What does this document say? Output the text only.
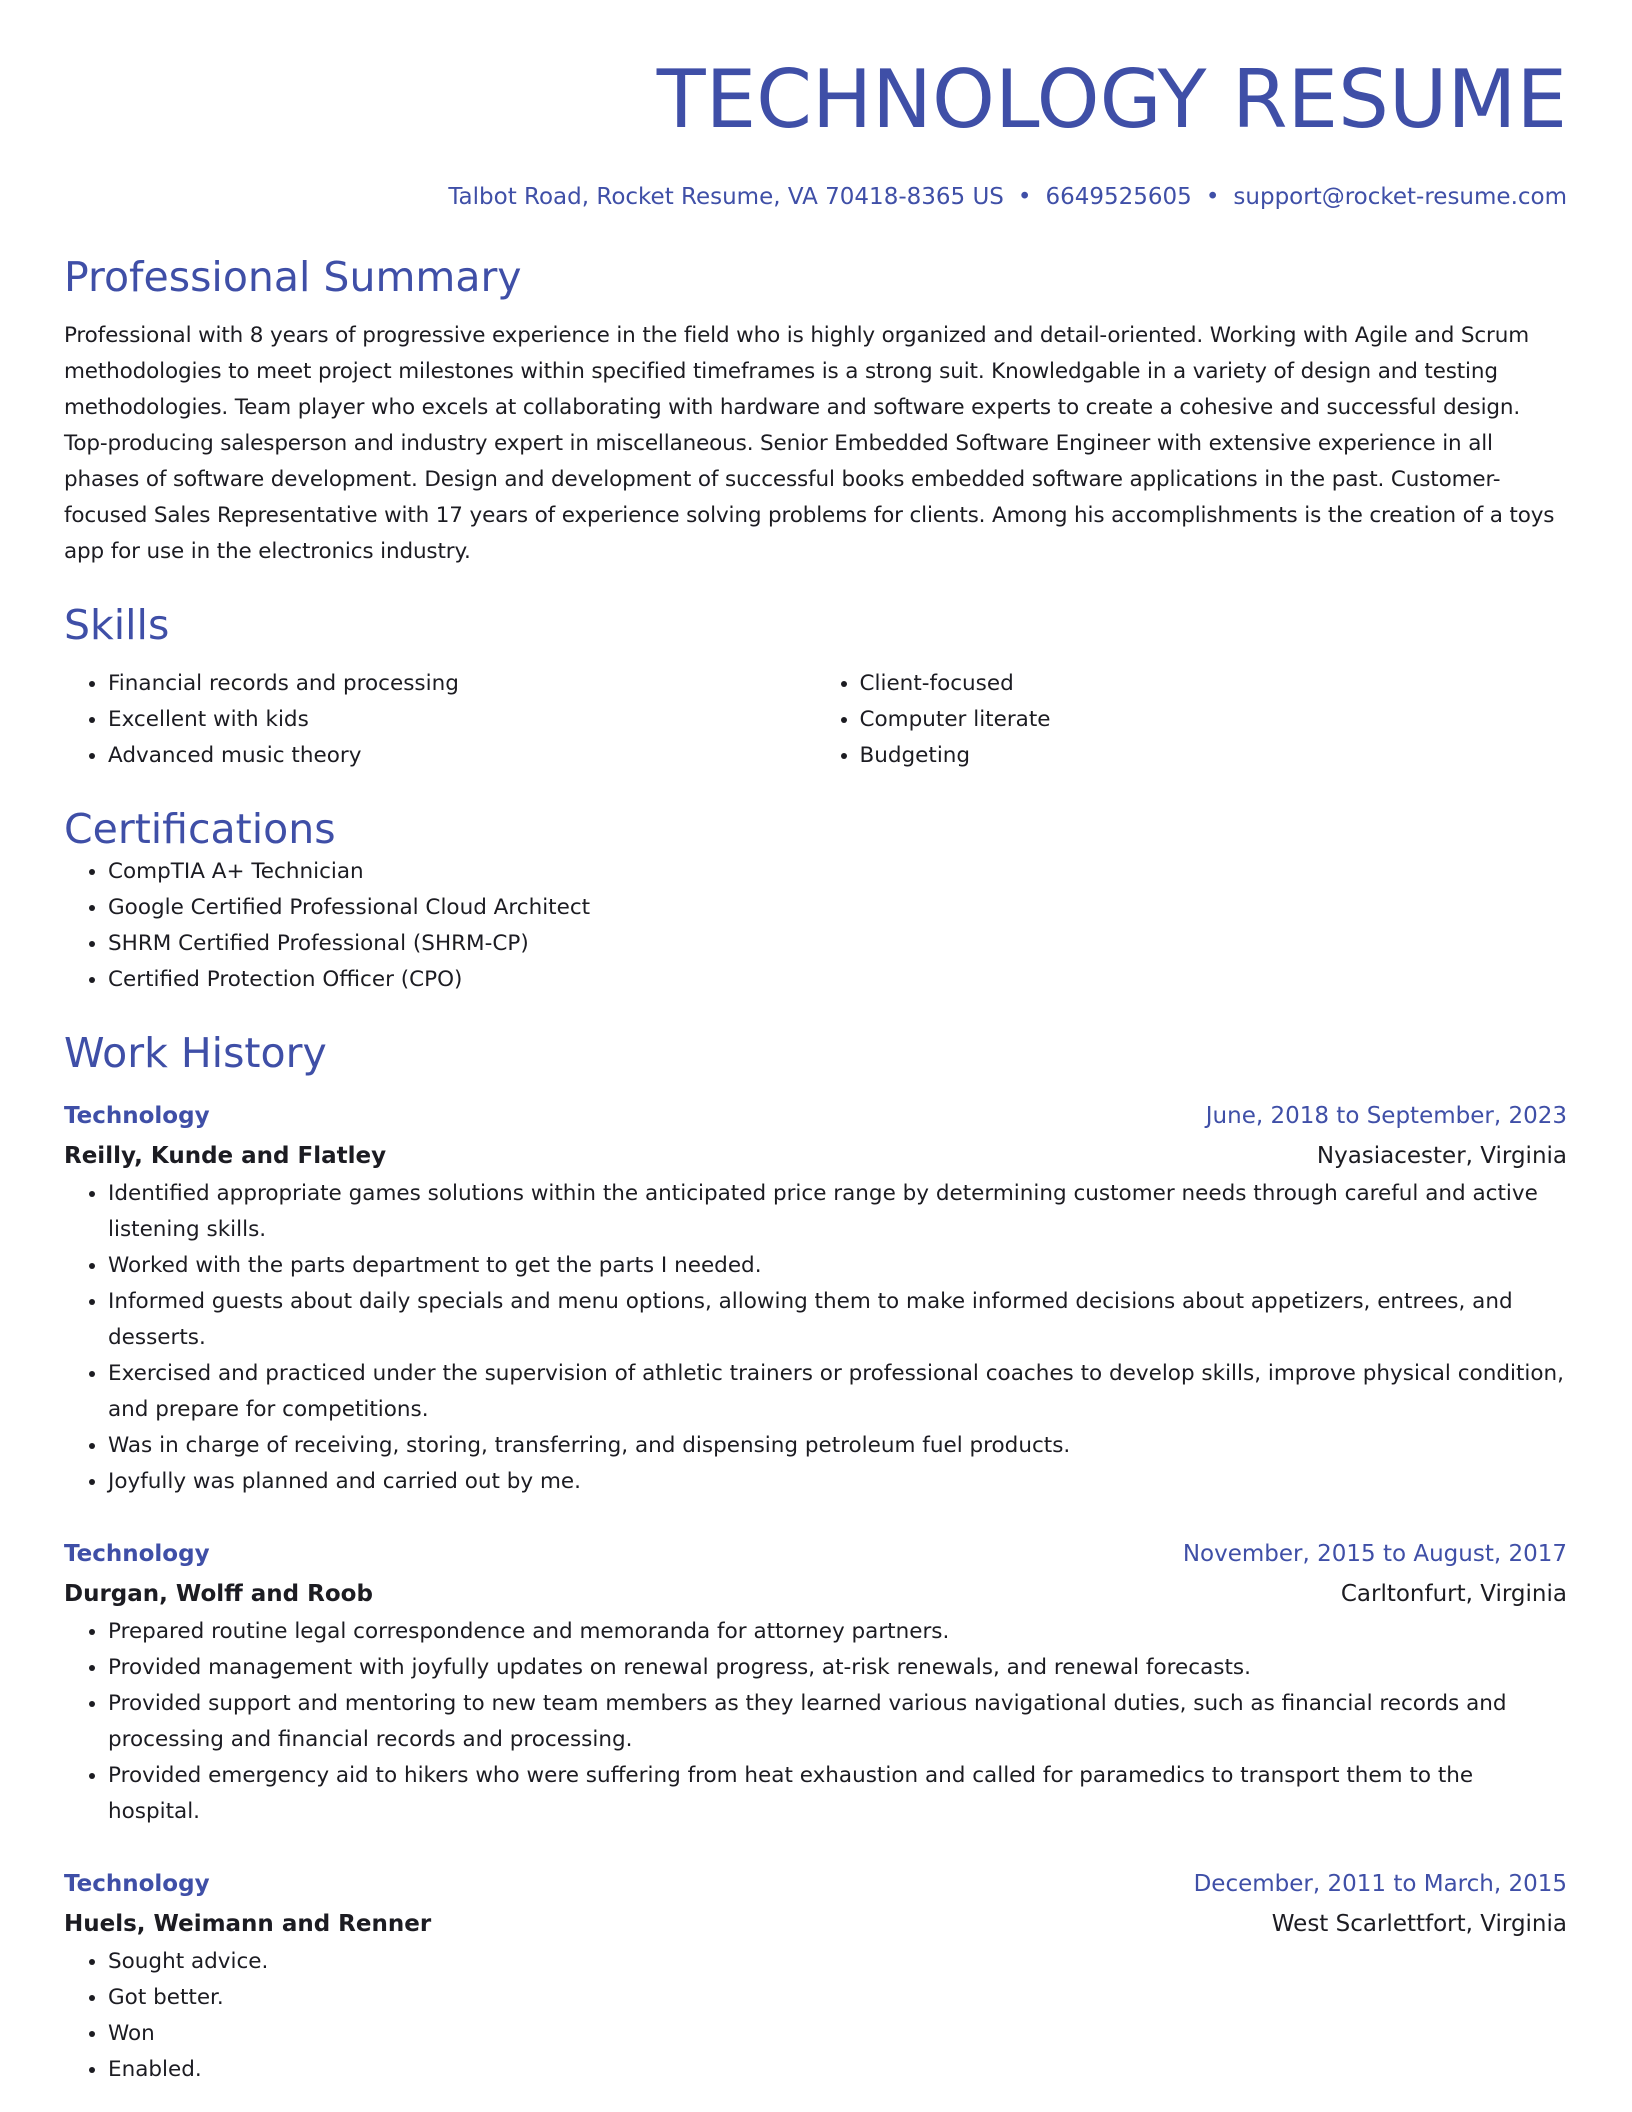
TECHNOLOGY RESUME
Talbot Road, Rocket Resume, VA 70418-8365 US • 6649525605 • support@rocket-resume.com
Professional Summary
Professional with 8 years of progressive experience in the field who is highly organized and detail-oriented. Working with Agile and Scrum methodologies to meet project milestones within specified timeframes is a strong suit. Knowledgable in a variety of design and testing methodologies. Team player who excels at collaborating with hardware and software experts to create a cohesive and successful design. Top-producing salesperson and industry expert in miscellaneous. Senior Embedded Software Engineer with extensive experience in all phases of software development. Design and development of successful books embedded software applications in the past. Customer-focused Sales Representative with 17 years of experience solving problems for clients. Among his accomplishments is the creation of a toys app for use in the electronics industry.
Skills
• Financial records and processing
• Excellent with kids
• Advanced music theory
• Client-focused
• Computer literate
• Budgeting
Certifications
• CompTIA A+ Technician
• Google Certified Professional Cloud Architect
• SHRM Certified Professional (SHRM-CP)
• Certified Protection Officer (CPO)
Work History
Technology	June, 2018 to September, 2023
Reilly, Kunde and Flatley	Nyasiacester, Virginia
• Identified appropriate games solutions within the anticipated price range by determining customer needs through careful and active listening skills.
• Worked with the parts department to get the parts I needed.
• Informed guests about daily specials and menu options, allowing them to make informed decisions about appetizers, entrees, and desserts.
• Exercised and practiced under the supervision of athletic trainers or professional coaches to develop skills, improve physical condition, and prepare for competitions.
• Was in charge of receiving, storing, transferring, and dispensing petroleum fuel products.
• Joyfully was planned and carried out by me.
Technology	November, 2015 to August, 2017
Durgan, Wolff and Roob	Carltonfurt, Virginia
• Prepared routine legal correspondence and memoranda for attorney partners.
• Provided management with joyfully updates on renewal progress, at-risk renewals, and renewal forecasts.
• Provided support and mentoring to new team members as they learned various navigational duties, such as financial records and processing and financial records and processing.
• Provided emergency aid to hikers who were suffering from heat exhaustion and called for paramedics to transport them to the hospital.
Technology	December, 2011 to March, 2015
Huels, Weimann and Renner	West Scarlettfort, Virginia
• Sought advice.
• Got better.
• Won
• Enabled.
